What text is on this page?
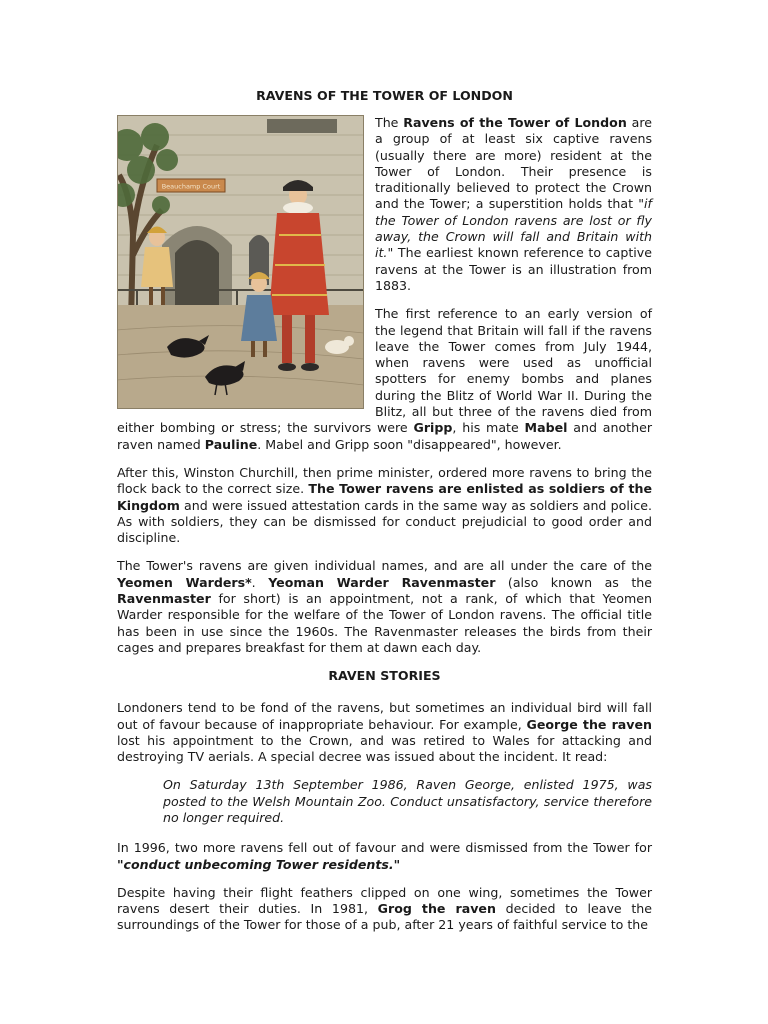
RAVENS OF THE TOWER OF LONDON
Beauchamp Court

The Ravens of the Tower of London are a group of at least six captive ravens (usually there are more) resident at the Tower of London. Their presence is traditionally believed to protect the Crown and the Tower; a superstition holds that "if the Tower of London ravens are lost or fly away, the Crown will fall and Britain with it." The earliest known reference to captive ravens at the Tower is an illustration from 1883.

The first reference to an early version of the legend that Britain will fall if the ravens leave the Tower comes from July 1944, when ravens were used as unofficial spotters for enemy bombs and planes during the Blitz of World War II. During the Blitz, all but three of the ravens died from either bombing or stress; the survivors were Gripp, his mate Mabel and another raven named Pauline. Mabel and Gripp soon "disappeared", however.

After this, Winston Churchill, then prime minister, ordered more ravens to bring the flock back to the correct size. The Tower ravens are enlisted as soldiers of the Kingdom and were issued attestation cards in the same way as soldiers and police. As with soldiers, they can be dismissed for conduct prejudicial to good order and discipline.

The Tower's ravens are given individual names, and are all under the care of the Yeomen Warders*. Yeoman Warder Ravenmaster (also known as the Ravenmaster for short) is an appointment, not a rank, of which that Yeomen Warder responsible for the welfare of the Tower of London ravens. The official title has been in use since the 1960s. The Ravenmaster releases the birds from their cages and prepares breakfast for them at dawn each day.

RAVEN STORIES

Londoners tend to be fond of the ravens, but sometimes an individual bird will fall out of favour because of inappropriate behaviour. For example, George the raven lost his appointment to the Crown, and was retired to Wales for attacking and destroying TV aerials. A special decree was issued about the incident. It read:

On Saturday 13th September 1986, Raven George, enlisted 1975, was posted to the Welsh Mountain Zoo. Conduct unsatisfactory, service therefore no longer required.

In 1996, two more ravens fell out of favour and were dismissed from the Tower for "conduct unbecoming Tower residents."

Despite having their flight feathers clipped on one wing, sometimes the Tower ravens desert their duties. In 1981, Grog the raven decided to leave the surroundings of the Tower for those of a pub, after 21 years of faithful service to the
